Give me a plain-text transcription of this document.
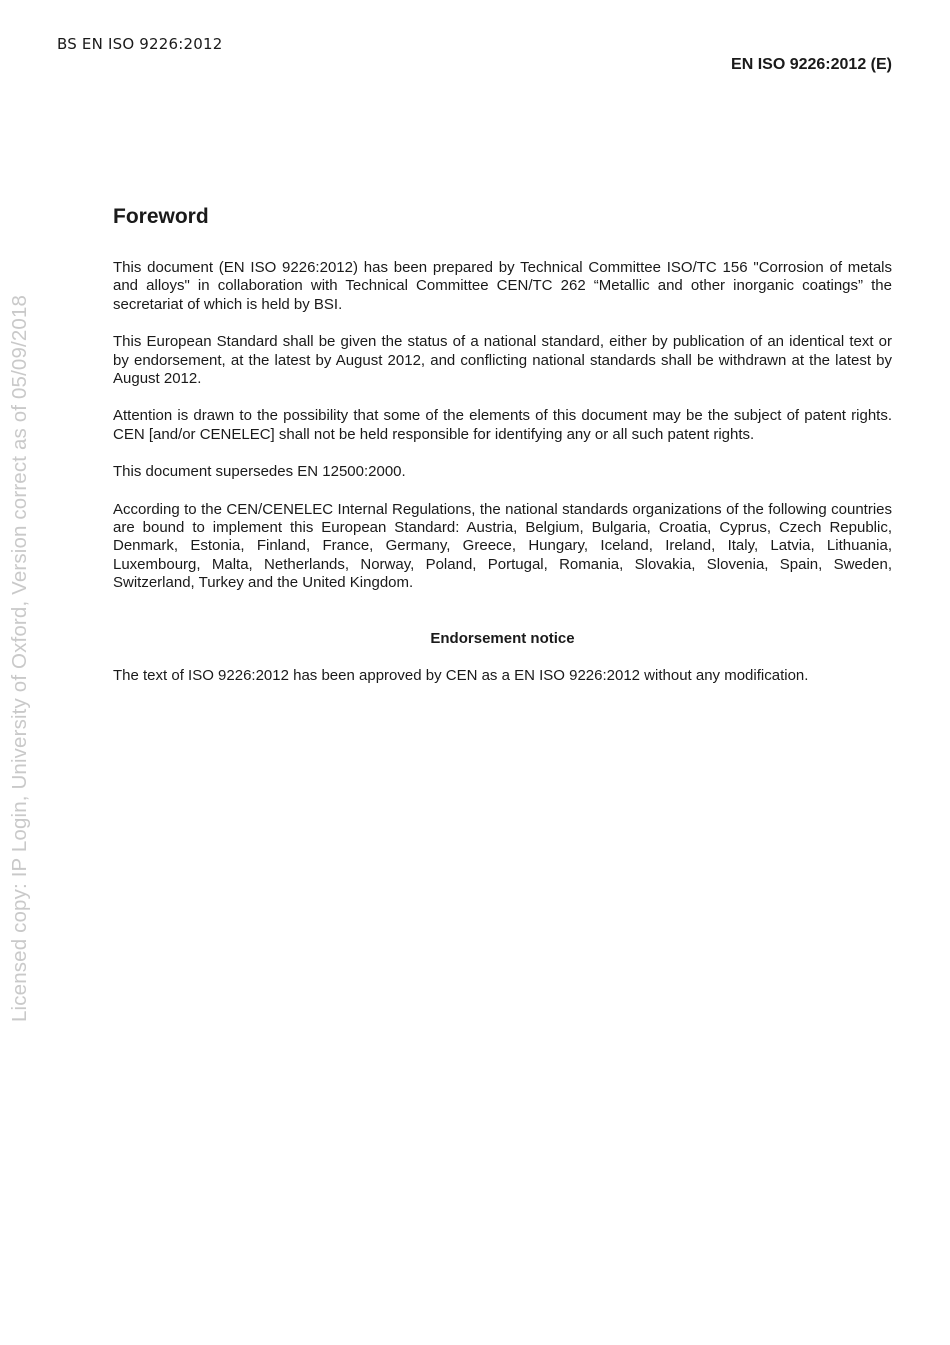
BS EN ISO 9226:2012
EN ISO 9226:2012 (E)
Licensed copy: IP Login, University of Oxford, Version correct as of 05/09/2018
Foreword

This document (EN ISO 9226:2012) has been prepared by Technical Committee ISO/TC 156 "Corrosion of metals and alloys" in collaboration with Technical Committee CEN/TC 262 “Metallic and other inorganic coatings” the secretariat of which is held by BSI.

This European Standard shall be given the status of a national standard, either by publication of an identical text or by endorsement, at the latest by August 2012, and conflicting national standards shall be withdrawn at the latest by August 2012.

Attention is drawn to the possibility that some of the elements of this document may be the subject of patent rights. CEN [and/or CENELEC] shall not be held responsible for identifying any or all such patent rights.

This document supersedes EN 12500:2000.

According to the CEN/CENELEC Internal Regulations, the national standards organizations of the following countries are bound to implement this European Standard: Austria, Belgium, Bulgaria, Croatia, Cyprus, Czech Republic, Denmark, Estonia, Finland, France, Germany, Greece, Hungary, Iceland, Ireland, Italy, Latvia, Lithuania, Luxembourg, Malta, Netherlands, Norway, Poland, Portugal, Romania, Slovakia, Slovenia, Spain, Sweden, Switzerland, Turkey and the United Kingdom.

Endorsement notice

The text of ISO 9226:2012 has been approved by CEN as a EN ISO 9226:2012 without any modification.
